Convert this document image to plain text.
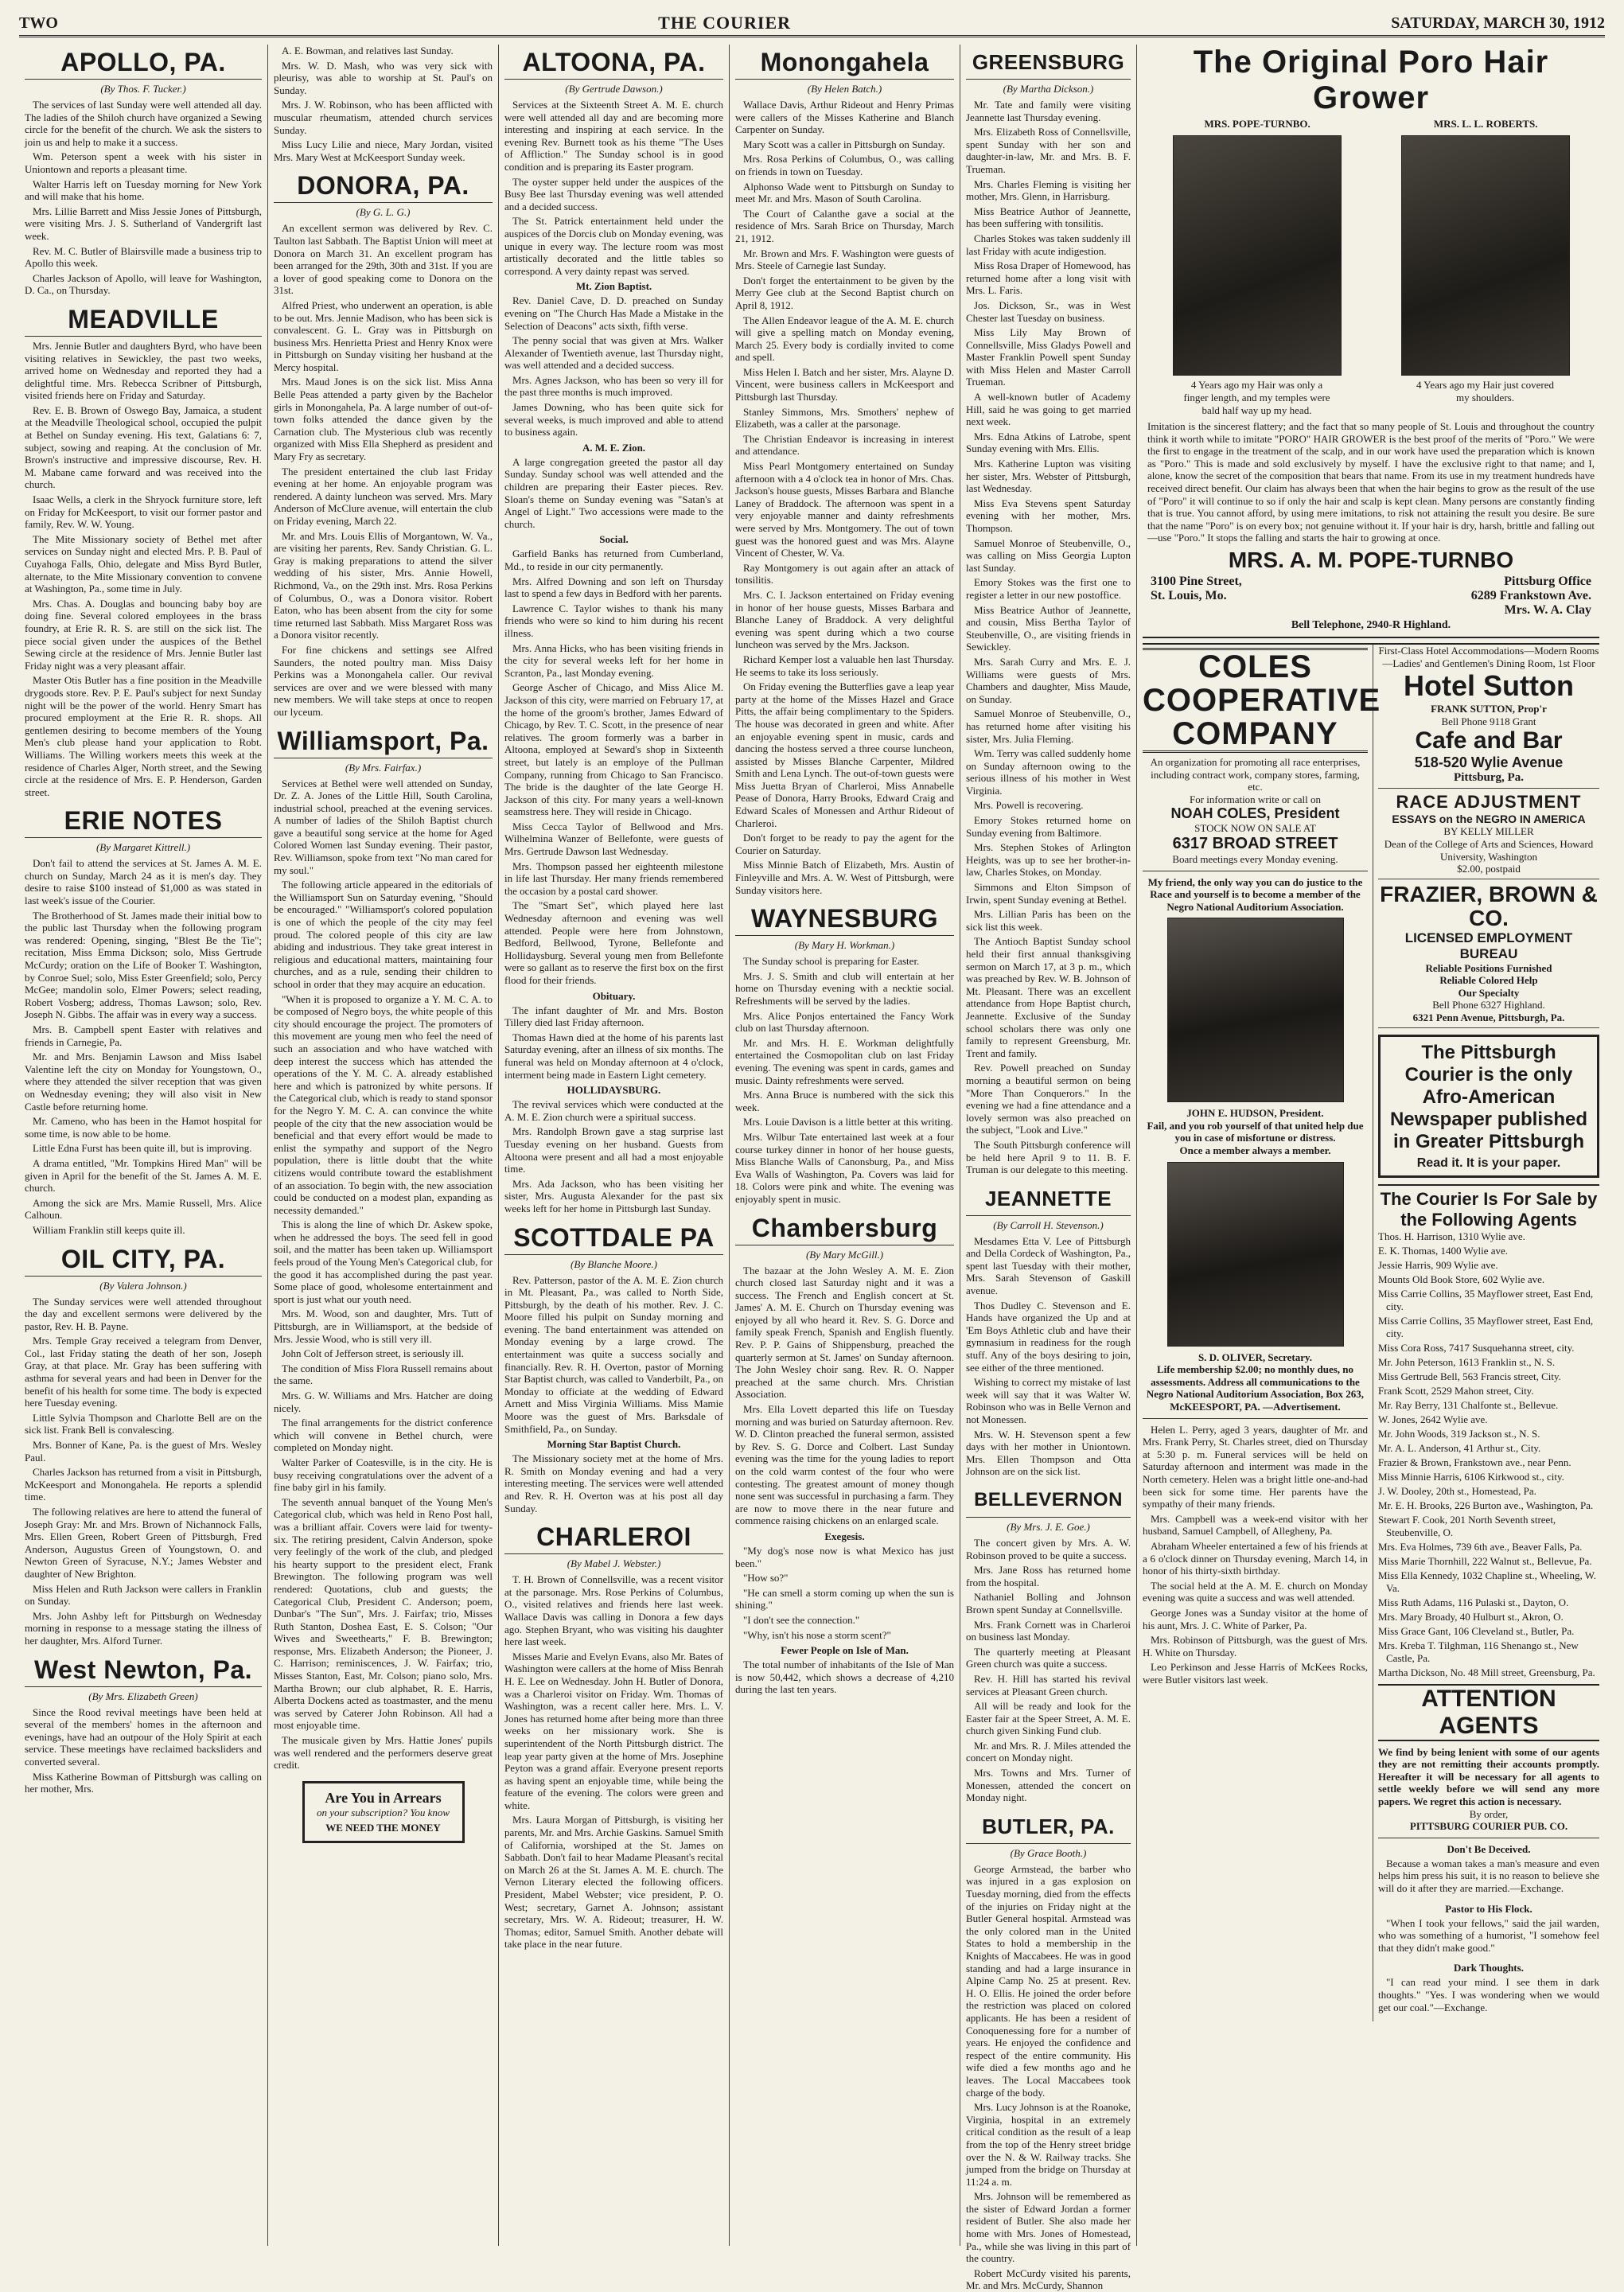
TWO	THE COURIER	SATURDAY, MARCH 30, 1912
APOLLO, PA.
(By Thos. F. Tucker.)

The services of last Sunday were well attended all day. The ladies of the Shiloh church have organized a Sewing circle for the benefit of the church. We ask the sisters to join us and help to make it a success.

Wm. Peterson spent a week with his sister in Uniontown and reports a pleasant time.

Walter Harris left on Tuesday morning for New York and will make that his home.

Mrs. Lillie Barrett and Miss Jessie Jones of Pittsburgh, were visiting Mrs. J. S. Sutherland of Vandergrift last week.

Rev. M. C. Butler of Blairsville made a business trip to Apollo this week.

Charles Jackson of Apollo, will leave for Washington, D. Ca., on Thursday.

MEADVILLE

Mrs. Jennie Butler and daughters Byrd, who have been visiting relatives in Sewickley, the past two weeks, arrived home on Wednesday and reported they had a delightful time. Mrs. Rebecca Scribner of Pittsburgh, visited friends here on Friday and Saturday.

Rev. E. B. Brown of Oswego Bay, Jamaica, a student at the Meadville Theological school, occupied the pulpit at Bethel on Sunday evening. His text, Galatians 6: 7, subject, sowing and reaping. At the conclusion of Mr. Brown's instructive and impressive discourse, Rev. H. M. Mabane came forward and was received into the church.

Isaac Wells, a clerk in the Shryock furniture store, left on Friday for McKeesport, to visit our former pastor and family, Rev. W. W. Young.

The Mite Missionary society of Bethel met after services on Sunday night and elected Mrs. P. B. Paul of Cuyahoga Falls, Ohio, delegate and Miss Byrd Butler, alternate, to the Mite Missionary convention to convene at Washington, Pa., some time in July.

Mrs. Chas. A. Douglas and bouncing baby boy are doing fine. Several colored employees in the brass foundry, at Erie R. R. S. are still on the sick list. The piece social given under the auspices of the Bethel Sewing circle at the residence of Mrs. Jennie Butler last Friday night was a very pleasant affair.

Master Otis Butler has a fine position in the Meadville drygoods store. Rev. P. E. Paul's subject for next Sunday night will be the power of the world. Henry Smart has procured employment at the Erie R. R. shops. All gentlemen desiring to become members of the Young Men's club please hand your application to Robt. Williams. The Willing workers meets this week at the residence of Charles Alger, North street, and the Sewing circle at the residence of Mrs. E. P. Henderson, Garden street.

ERIE NOTES
(By Margaret Kittrell.)

Don't fail to attend the services at St. James A. M. E. church on Sunday, March 24 as it is men's day. They desire to raise $100 instead of $1,000 as was stated in last week's issue of the Courier.

The Brotherhood of St. James made their initial bow to the public last Thursday when the following program was rendered: Opening, singing, "Blest Be the Tie"; recitation, Miss Emma Dickson; solo, Miss Gertrude McCurdy; oration on the Life of Booker T. Washington, by Conroe Suel; solo, Miss Ester Greenfield; solo, Percy McGee; mandolin solo, Elmer Powers; select reading, Robert Vosberg; address, Thomas Lawson; solo, Rev. Joseph N. Gibbs. The affair was in every way a success.

Mrs. B. Campbell spent Easter with relatives and friends in Carnegie, Pa.

Mr. and Mrs. Benjamin Lawson and Miss Isabel Valentine left the city on Monday for Youngstown, O., where they attended the silver reception that was given on Wednesday evening; they will also visit in New Castle before returning home.

Mr. Cameno, who has been in the Hamot hospital for some time, is now able to be home.

Little Edna Furst has been quite ill, but is improving.

A drama entitled, "Mr. Tompkins Hired Man" will be given in April for the benefit of the St. James A. M. E. church.

Among the sick are Mrs. Mamie Russell, Mrs. Alice Calhoun.

William Franklin still keeps quite ill.

OIL CITY, PA.
(By Valera Johnson.)

The Sunday services were well attended throughout the day and excellent sermons were delivered by the pastor, Rev. H. B. Payne.

Mrs. Temple Gray received a telegram from Denver, Col., last Friday stating the death of her son, Joseph Gray, at that place. Mr. Gray has been suffering with asthma for several years and had been in Denver for the benefit of his health for some time. The body is expected here Tuesday evening.

Little Sylvia Thompson and Charlotte Bell are on the sick list. Frank Bell is convalescing.

Mrs. Bonner of Kane, Pa. is the guest of Mrs. Wesley Paul.

Charles Jackson has returned from a visit in Pittsburgh, McKeesport and Monongahela. He reports a splendid time.

The following relatives are here to attend the funeral of Joseph Gray: Mr. and Mrs. Brown of Nichannock Falls, Mrs. Ellen Green, Robert Green of Pittsburgh, Fred Anderson, Augustus Green of Youngstown, O. and Newton Green of Syracuse, N.Y.; James Webster and daughter of New Brighton.

Miss Helen and Ruth Jackson were callers in Franklin on Sunday.

Mrs. John Ashby left for Pittsburgh on Wednesday morning in response to a message stating the illness of her daughter, Mrs. Alford Turner.

West Newton, Pa.
(By Mrs. Elizabeth Green)

Since the Rood revival meetings have been held at several of the members' homes in the afternoon and evenings, have had an outpour of the Holy Spirit at each service. These meetings have reclaimed backsliders and converted several.

Miss Katherine Bowman of Pittsburgh was calling on her mother, Mrs.

A. E. Bowman, and relatives last Sunday.

Mrs. W. D. Mash, who was very sick with pleurisy, was able to worship at St. Paul's on Sunday.

Mrs. J. W. Robinson, who has been afflicted with muscular rheumatism, attended church services Sunday.

Miss Lucy Lilie and niece, Mary Jordan, visited Mrs. Mary West at McKeesport Sunday week.

DONORA, PA.
(By G. L. G.)

An excellent sermon was delivered by Rev. C. Taulton last Sabbath. The Baptist Union will meet at Donora on March 31. An excellent program has been arranged for the 29th, 30th and 31st. If you are a lover of good speaking come to Donora on the 31st.

Alfred Priest, who underwent an operation, is able to be out. Mrs. Jennie Madison, who has been sick is convalescent. G. L. Gray was in Pittsburgh on business Mrs. Henrietta Priest and Henry Knox were in Pittsburgh on Sunday visiting her husband at the Mercy hospital.

Mrs. Maud Jones is on the sick list. Miss Anna Belle Peas attended a party given by the Bachelor girls in Monongahela, Pa. A large number of out-of-town folks attended the dance given by the Carnation club. The Mysterious club was recently organized with Miss Ella Shepherd as president and Mary Fry as secretary.

The president entertained the club last Friday evening at her home. An enjoyable program was rendered. A dainty luncheon was served. Mrs. Mary Anderson of McClure avenue, will entertain the club on Friday evening, March 22.

Mr. and Mrs. Louis Ellis of Morgantown, W. Va., are visiting her parents, Rev. Sandy Christian. G. L. Gray is making preparations to attend the silver wedding of his sister, Mrs. Annie Howell, Richmond, Va., on the 29th inst. Mrs. Rosa Perkins of Columbus, O., was a Donora visitor. Robert Eaton, who has been absent from the city for some time returned last Sabbath. Miss Margaret Ross was a Donora visitor recently.

For fine chickens and settings see Alfred Saunders, the noted poultry man. Miss Daisy Perkins was a Monongahela caller. Our revival services are over and we were blessed with many new members. We will take steps at once to reopen our lyceum.

Williamsport, Pa.
(By Mrs. Fairfax.)

Services at Bethel were well attended on Sunday, Dr. Z. A. Jones of the Little Hill, South Carolina, industrial school, preached at the evening services. A number of ladies of the Shiloh Baptist church gave a beautiful song service at the home for Aged Colored Women last Sunday evening. Their pastor, Rev. Williamson, spoke from text "No man cared for my soul."

The following article appeared in the editorials of the Williamsport Sun on Saturday evening, "Should be encouraged." "Williamsport's colored population is one of which the people of the city may feel proud. The colored people of this city are law abiding and industrious. They take great interest in religious and educational matters, maintaining four churches, and as a rule, sending their children to school in order that they may acquire an education.

"When it is proposed to organize a Y. M. C. A. to be composed of Negro boys, the white people of this city should encourage the project. The promoters of this movement are young men who feel the need of such an association and who have watched with deep interest the success which has attended the operations of the Y. M. C. A. already established here and which is patronized by white persons. If the Categorical club, which is ready to stand sponsor for the Negro Y. M. C. A. can convince the white people of the city that the new association would be beneficial and that every effort would be made to enlist the sympathy and support of the Negro population, there is little doubt that the white citizens would contribute toward the establishment of an association. To begin with, the new association could be conducted on a modest plan, expanding as necessity demanded."

This is along the line of which Dr. Askew spoke, when he addressed the boys. The seed fell in good soil, and the matter has been taken up. Williamsport feels proud of the Young Men's Categorical club, for the good it has accomplished during the past year. Some place of good, wholesome entertainment and sport is just what our youth need.

Mrs. M. Wood, son and daughter, Mrs. Tutt of Pittsburgh, are in Williamsport, at the bedside of Mrs. Jessie Wood, who is still very ill.

John Colt of Jefferson street, is seriously ill.

The condition of Miss Flora Russell remains about the same.

Mrs. G. W. Williams and Mrs. Hatcher are doing nicely.

The final arrangements for the district conference which will convene in Bethel church, were completed on Monday night.

Walter Parker of Coatesville, is in the city. He is busy receiving congratulations over the advent of a fine baby girl in his family.

The seventh annual banquet of the Young Men's Categorical club, which was held in Reno Post hall, was a brilliant affair. Covers were laid for twenty-six. The retiring president, Calvin Anderson, spoke very feelingly of the work of the club, and pledged his hearty support to the president elect, Frank Brewington. The following program was well rendered: Quotations, club and guests; the Categorical Club, President C. Anderson; poem, Dunbar's "The Sun", Mrs. J. Fairfax; trio, Misses Ruth Stanton, Doshea East, E. S. Colson; "Our Wives and Sweethearts," F. B. Brewington; response, Mrs. Elizabeth Anderson; the Pioneer, J. C. Harrison; reminiscences, J. W. Fairfax; trio, Misses Stanton, East, Mr. Colson; piano solo, Mrs. Martha Brown; our club alphabet, R. E. Harris, Alberta Dockens acted as toastmaster, and the menu was served by Caterer John Robinson. All had a most enjoyable time.

The musicale given by Mrs. Hattie Jones' pupils was well rendered and the performers deserve great credit.

Are You in Arrears
on your subscription? You know
WE NEED THE MONEY
ALTOONA, PA.
(By Gertrude Dawson.)

Services at the Sixteenth Street A. M. E. church were well attended all day and are becoming more interesting and inspiring at each service. In the evening Rev. Burnett took as his theme "The Uses of Affliction." The Sunday school is in good condition and is preparing its Easter program.

The oyster supper held under the auspices of the Busy Bee last Thursday evening was well attended and a decided success.

The St. Patrick entertainment held under the auspices of the Dorcis club on Monday evening, was unique in every way. The lecture room was most artistically decorated and the little tables so correspond. A very dainty repast was served.

Mt. Zion Baptist.

Rev. Daniel Cave, D. D. preached on Sunday evening on "The Church Has Made a Mistake in the Selection of Deacons" acts sixth, fifth verse.

The penny social that was given at Mrs. Walker Alexander of Twentieth avenue, last Thursday night, was well attended and a decided success.

Mrs. Agnes Jackson, who has been so very ill for the past three months is much improved.

James Downing, who has been quite sick for several weeks, is much improved and able to attend to business again.

A. M. E. Zion.

A large congregation greeted the pastor all day Sunday. Sunday school was well attended and the children are preparing their Easter pieces. Rev. Sloan's theme on Sunday evening was "Satan's at Angel of Light." Two accessions were made to the church.

Social.

Garfield Banks has returned from Cumberland, Md., to reside in our city permanently.

Mrs. Alfred Downing and son left on Thursday last to spend a few days in Bedford with her parents.

Lawrence C. Taylor wishes to thank his many friends who were so kind to him during his recent illness.

Mrs. Anna Hicks, who has been visiting friends in the city for several weeks left for her home in Scranton, Pa., last Monday evening.

George Ascher of Chicago, and Miss Alice M. Jackson of this city, were married on February 17, at the home of the groom's brother, James Edward of Chicago, by Rev. T. C. Scott, in the presence of near relatives. The groom formerly was a barber in Altoona, employed at Seward's shop in Sixteenth street, but lately is an employe of the Pullman Company, running from Chicago to San Francisco. The bride is the daughter of the late George H. Jackson of this city. For many years a well-known seamstress here. They will reside in Chicago.

Miss Cecca Taylor of Bellwood and Mrs. Wilhelmina Wanzer of Bellefonte, were guests of Mrs. Gertrude Dawson last Wednesday.

Mrs. Thompson passed her eighteenth milestone in life last Thursday. Her many friends remembered the occasion by a postal card shower.

The "Smart Set", which played here last Wednesday afternoon and evening was well attended. People were here from Johnstown, Bedford, Bellwood, Tyrone, Bellefonte and Hollidaysburg. Several young men from Bellefonte were so gallant as to reserve the first box on the first flood for their friends.

Obituary.

The infant daughter of Mr. and Mrs. Boston Tillery died last Friday afternoon.

Thomas Hawn died at the home of his parents last Saturday evening, after an illness of six months. The funeral was held on Monday afternoon at 4 o'clock, interment being made in Eastern Light cemetery.

HOLLIDAYSBURG.

The revival services which were conducted at the A. M. E. Zion church were a spiritual success.

Mrs. Randolph Brown gave a stag surprise last Tuesday evening on her husband. Guests from Altoona were present and all had a most enjoyable time.

Mrs. Ada Jackson, who has been visiting her sister, Mrs. Augusta Alexander for the past six weeks left for her home in Pittsburgh last Sunday.

SCOTTDALE PA
(By Blanche Moore.)

Rev. Patterson, pastor of the A. M. E. Zion church in Mt. Pleasant, Pa., was called to North Side, Pittsburgh, by the death of his mother. Rev. J. C. Moore filled his pulpit on Sunday morning and evening. The band entertainment was attended on Monday evening by a large crowd. The entertainment was quite a success socially and financially. Rev. R. H. Overton, pastor of Morning Star Baptist church, was called to Vanderbilt, Pa., on Monday to officiate at the wedding of Edward Arnett and Miss Virginia Williams. Miss Mamie Moore was the guest of Mrs. Barksdale of Smithfield, Pa., on Sunday.

Morning Star Baptist Church.

The Missionary society met at the home of Mrs. R. Smith on Monday evening and had a very interesting meeting. The services were well attended and Rev. R. H. Overton was at his post all day Sunday.

CHARLEROI
(By Mabel J. Webster.)

T. H. Brown of Connellsville, was a recent visitor at the parsonage. Mrs. Rose Perkins of Columbus, O., visited relatives and friends here last week. Wallace Davis was calling in Donora a few days ago. Stephen Bryant, who was visiting his daughter here last week.

Misses Marie and Evelyn Evans, also Mr. Bates of Washington were callers at the home of Miss Benrah H. E. Lee on Wednesday. John H. Butler of Donora, was a Charleroi visitor on Friday. Wm. Thomas of Washington, was a recent caller here. Mrs. L. V. Jones has returned home after being more than three weeks on her missionary work. She is superintendent of the North Pittsburgh district. The leap year party given at the home of Mrs. Josephine Peyton was a grand affair. Everyone present reports as having spent an enjoyable time, while being the feature of the evening. The colors were green and white.

Mrs. Laura Morgan of Pittsburgh, is visiting her parents, Mr. and Mrs. Archie Gaskins. Samuel Smith of California, worshiped at the St. James on Sabbath. Don't fail to hear Madame Pleasant's recital on March 26 at the St. James A. M. E. church. The Vernon Literary elected the following officers. President, Mabel Webster; vice president, P. O. West; secretary, Garnet A. Johnson; assistant secretary, Mrs. W. A. Rideout; treasurer, H. W. Thomas; editor, Samuel Smith. Another debate will take place in the near future.

Monongahela
(By Helen Batch.)

Wallace Davis, Arthur Rideout and Henry Primas were callers of the Misses Katherine and Blanch Carpenter on Sunday.

Mary Scott was a caller in Pittsburgh on Sunday.

Mrs. Rosa Perkins of Columbus, O., was calling on friends in town on Tuesday.

Alphonso Wade went to Pittsburgh on Sunday to meet Mr. and Mrs. Mason of South Carolina.

The Court of Calanthe gave a social at the residence of Mrs. Sarah Brice on Thursday, March 21, 1912.

Mr. Brown and Mrs. F. Washington were guests of Mrs. Steele of Carnegie last Sunday.

Don't forget the entertainment to be given by the Merry Gee club at the Second Baptist church on April 8, 1912.

The Allen Endeavor league of the A. M. E. church will give a spelling match on Monday evening, March 25. Every body is cordially invited to come and spell.

Miss Helen I. Batch and her sister, Mrs. Alayne D. Vincent, were business callers in McKeesport and Pittsburgh last Thursday.

Stanley Simmons, Mrs. Smothers' nephew of Elizabeth, was a caller at the parsonage.

The Christian Endeavor is increasing in interest and attendance.

Miss Pearl Montgomery entertained on Sunday afternoon with a 4 o'clock tea in honor of Mrs. Chas. Jackson's house guests, Misses Barbara and Blanche Laney of Braddock. The afternoon was spent in a very enjoyable manner and dainty refreshments were served by Mrs. Montgomery. The out of town guest was the honored guest and was Mrs. Alayne Vincent of Chester, W. Va.

Ray Montgomery is out again after an attack of tonsilitis.

Mrs. C. I. Jackson entertained on Friday evening in honor of her house guests, Misses Barbara and Blanche Laney of Braddock. A very delightful evening was spent during which a two course luncheon was served by the Mrs. Jackson.

Richard Kemper lost a valuable hen last Thursday. He seems to take its loss seriously.

On Friday evening the Butterflies gave a leap year party at the home of the Misses Hazel and Grace Pitts, the affair being complimentary to the Spiders. The house was decorated in green and white. After an enjoyable evening spent in music, cards and dancing the hostess served a three course luncheon, assisted by Misses Blanche Carpenter, Mildred Smith and Lena Lynch. The out-of-town guests were Miss Juetta Bryan of Charleroi, Miss Annabelle Pease of Donora, Harry Brooks, Edward Craig and Edward Scales of Monessen and Arthur Rideout of Charleroi.

Don't forget to be ready to pay the agent for the Courier on Saturday.

Miss Minnie Batch of Elizabeth, Mrs. Austin of Finleyville and Mrs. A. W. West of Pittsburgh, were Sunday visitors here.

WAYNESBURG
(By Mary H. Workman.)

The Sunday school is preparing for Easter.

Mrs. J. S. Smith and club will entertain at her home on Thursday evening with a necktie social. Refreshments will be served by the ladies.

Mrs. Alice Ponjos entertained the Fancy Work club on last Thursday afternoon.

Mr. and Mrs. H. E. Workman delightfully entertained the Cosmopolitan club on last Friday evening. The evening was spent in cards, games and music. Dainty refreshments were served.

Mrs. Anna Bruce is numbered with the sick this week.

Mrs. Louie Davison is a little better at this writing.

Mrs. Wilbur Tate entertained last week at a four course turkey dinner in honor of her house guests, Miss Blanche Walls of Canonsburg, Pa., and Miss Eva Walls of Washington, Pa. Covers was laid for 18. Colors were pink and white. The evening was enjoyably spent in music.

Chambersburg
(By Mary McGill.)

The bazaar at the John Wesley A. M. E. Zion church closed last Saturday night and it was a success. The French and English concert at St. James' A. M. E. Church on Thursday evening was enjoyed by all who heard it. Rev. S. G. Dorce and family speak French, Spanish and English fluently. Rev. P. P. Gains of Shippensburg, preached the quarterly sermon at St. James' on Sunday afternoon. The John Wesley choir sang. Rev. R. O. Napper preached at the same church. Mrs. Christian Association.

Mrs. Ella Lovett departed this life on Tuesday morning and was buried on Saturday afternoon. Rev. W. D. Clinton preached the funeral sermon, assisted by Rev. S. G. Dorce and Colbert. Last Sunday evening was the time for the young ladies to report on the cold warm contest of the four who were contesting. The greatest amount of money though none sent was successful in purchasing a farm. They are now to move there in the near future and commence raising chickens on an enlarged scale.

Exegesis.

"My dog's nose now is what Mexico has just been."

"How so?"

"He can smell a storm coming up when the sun is shining."

"I don't see the connection."

"Why, isn't his nose a storm scent?"

Fewer People on Isle of Man.

The total number of inhabitants of the Isle of Man is now 50,442, which shows a decrease of 4,210 during the last ten years.

GREENSBURG
(By Martha Dickson.)

Mr. Tate and family were visiting Jeannette last Thursday evening.

Mrs. Elizabeth Ross of Connellsville, spent Sunday with her son and daughter-in-law, Mr. and Mrs. B. F. Trueman.

Mrs. Charles Fleming is visiting her mother, Mrs. Glenn, in Harrisburg.

Miss Beatrice Author of Jeannette, has been suffering with tonsilitis.

Charles Stokes was taken suddenly ill last Friday with acute indigestion.

Miss Rosa Draper of Homewood, has returned home after a long visit with Mrs. L. Faris.

Jos. Dickson, Sr., was in West Chester last Tuesday on business.

Miss Lily May Brown of Connellsville, Miss Gladys Powell and Master Franklin Powell spent Sunday with Miss Helen and Master Carroll Trueman.

A well-known butler of Academy Hill, said he was going to get married next week.

Mrs. Edna Atkins of Latrobe, spent Sunday evening with Mrs. Ellis.

Mrs. Katherine Lupton was visiting her sister, Mrs. Webster of Pittsburgh, last Wednesday.

Miss Eva Stevens spent Saturday evening with her mother, Mrs. Thompson.

Samuel Monroe of Steubenville, O., was calling on Miss Georgia Lupton last Sunday.

Emory Stokes was the first one to register a letter in our new postoffice.

Miss Beatrice Author of Jeannette, and cousin, Miss Bertha Taylor of Steubenville, O., are visiting friends in Sewickley.

Mrs. Sarah Curry and Mrs. E. J. Williams were guests of Mrs. Chambers and daughter, Miss Maude, on Sunday.

Samuel Monroe of Steubenville, O., has returned home after visiting his sister, Mrs. Julia Fleming.

Wm. Terry was called suddenly home on Sunday afternoon owing to the serious illness of his mother in West Virginia.

Mrs. Powell is recovering.

Emory Stokes returned home on Sunday evening from Baltimore.

Mrs. Stephen Stokes of Arlington Heights, was up to see her brother-in-law, Charles Stokes, on Monday.

Simmons and Elton Simpson of Irwin, spent Sunday evening at Bethel.

Mrs. Lillian Paris has been on the sick list this week.

The Antioch Baptist Sunday school held their first annual thanksgiving sermon on March 17, at 3 p. m., which was preached by Rev. W. B. Johnson of Mt. Pleasant. There was an excellent attendance from Hope Baptist church, Jeannette. Exclusive of the Sunday school scholars there was only one family to represent Greensburg, Mr. Trent and family.

Rev. Powell preached on Sunday morning a beautiful sermon on being "More Than Conquerors." In the evening we had a fine attendance and a lovely sermon was also preached on the subject, "Look and Live."

The South Pittsburgh conference will be held here April 9 to 11. B. F. Truman is our delegate to this meeting.

JEANNETTE
(By Carroll H. Stevenson.)

Mesdames Etta V. Lee of Pittsburgh and Della Cordeck of Washington, Pa., spent last Tuesday with their mother, Mrs. Sarah Stevenson of Gaskill avenue.

Thos Dudley C. Stevenson and E. Hands have organized the Up and at 'Em Boys Athletic club and have their gymnasium in readiness for the rough stuff. Any of the boys desiring to join, see either of the three mentioned.

Wishing to correct my mistake of last week will say that it was Walter W. Robinson who was in Belle Vernon and not Monessen.

Mrs. W. H. Stevenson spent a few days with her mother in Uniontown. Mrs. Ellen Thompson and Otta Johnson are on the sick list.

BELLEVERNON
(By Mrs. J. E. Goe.)

The concert given by Mrs. A. W. Robinson proved to be quite a success.

Mrs. Jane Ross has returned home from the hospital.

Nathaniel Bolling and Johnson Brown spent Sunday at Connellsville.

Mrs. Frank Cornett was in Charleroi on business last Monday.

The quarterly meeting at Pleasant Green church was quite a success.

Rev. H. Hill has started his revival services at Pleasant Green church.

All will be ready and look for the Easter fair at the Speer Street, A. M. E. church given Sinking Fund club.

Mr. and Mrs. R. J. Miles attended the concert on Monday night.

Mrs. Towns and Mrs. Turner of Monessen, attended the concert on Monday night.

BUTLER, PA.
(By Grace Booth.)

George Armstead, the barber who was injured in a gas explosion on Tuesday morning, died from the effects of the injuries on Friday night at the Butler General hospital. Armstead was the only colored man in the United States to hold a membership in the Knights of Maccabees. He was in good standing and had a large insurance in Alpine Camp No. 25 at present. Rev. H. O. Ellis. He joined the order before the restriction was placed on colored applicants. He has been a resident of Conoquenessing fore for a number of years. He enjoyed the confidence and respect of the entire community. His wife died a few months ago and he leaves. The Local Maccabees took charge of the body.

Mrs. Lucy Johnson is at the Roanoke, Virginia, hospital in an extremely critical condition as the result of a leap from the top of the Henry street bridge over the N. & W. Railway tracks. She jumped from the bridge on Thursday at 11:24 a. m.

Mrs. Johnson will be remembered as the sister of Edward Jordan a former resident of Butler. She also made her home with Mrs. Jones of Homestead, Pa., while she was living in this part of the country.

Robert McCurdy visited his parents, Mr. and Mrs. McCurdy, Shannon

The Original Poro Hair Grower
MRS. POPE-TURNBO.	MRS. L. L. ROBERTS.
4 Years ago my Hair was only a finger length, and my temples were bald half way up my head.
4 Years ago my Hair just covered my shoulders.
Imitation is the sincerest flattery; and the fact that so many people of St. Louis and throughout the country think it worth while to imitate "PORO" HAIR GROWER is the best proof of the merits of "Poro." We were the first to engage in the treatment of the scalp, and in our work have used the preparation which is known as "Poro." This is made and sold exclusively by myself. I have the exclusive right to that name; and I, alone, know the secret of the composition that bears that name. From its use in my treatment hundreds have received direct benefit. Our claim has always been that when the hair begins to grow as the result of the use of "Poro" it will continue to so if only the hair and scalp is kept clean. Many persons are constantly finding that is true. You cannot afford, by using mere imitations, to risk not attaining the result you desire. Be sure that the name "Poro" is on every box; not genuine without it. If your hair is dry, harsh, brittle and falling out—use "Poro." It stops the falling and starts the hair to growing at once.
MRS. A. M. POPE-TURNBO
3100 Pine Street,
St. Louis, Mo.
Pittsburg Office
6289 Frankstown Ave.
Mrs. W. A. Clay
Bell Telephone, 2940-R Highland.
COLES COOPERATIVE COMPANY
An organization for promoting all race enterprises, including contract work, company stores, farming, etc.
For information write or call on
NOAH COLES, President
STOCK NOW ON SALE AT
6317 BROAD STREET
Board meetings every Monday evening.
My friend, the only way you can do justice to the Race and yourself is to become a member of the Negro National Auditorium Association.
JOHN E. HUDSON, President.
Fail, and you rob yourself of that united help due you in case of misfortune or distress.
Once a member always a member.
S. D. OLIVER, Secretary.
Life membership $2.00; no monthly dues, no assessments. Address all communications to the Negro National Auditorium Association, Box 263, McKEESPORT, PA. —Advertisement.

Helen L. Perry, aged 3 years, daughter of Mr. and Mrs. Frank Perry, St. Charles street, died on Thursday at 5:30 p. m. Funeral services will be held on Saturday afternoon and interment was made in the North cemetery. Helen was a bright little one-and-had been sick for some time. Her parents have the sympathy of their many friends.

Mrs. Campbell was a week-end visitor with her husband, Samuel Campbell, of Allegheny, Pa.

Abraham Wheeler entertained a few of his friends at a 6 o'clock dinner on Thursday evening, March 14, in honor of his thirty-sixth birthday.

The social held at the A. M. E. church on Monday evening was quite a success and was well attended.

George Jones was a Sunday visitor at the home of his aunt, Mrs. J. C. White of Parker, Pa.

Mrs. Robinson of Pittsburgh, was the guest of Mrs. H. White on Thursday.

Leo Perkinson and Jesse Harris of McKees Rocks, were Butler visitors last week.

First-Class Hotel Accommodations—Modern Rooms—Ladies' and Gentlemen's Dining Room, 1st Floor
Hotel Sutton
FRANK SUTTON, Prop'r
Bell Phone 9118 Grant
Cafe and Bar
518-520 Wylie Avenue
Pittsburg, Pa.
RACE ADJUSTMENT
ESSAYS on the NEGRO IN AMERICA
BY KELLY MILLER
Dean of the College of Arts and Sciences, Howard University, Washington
$2.00, postpaid
FRAZIER, BROWN & CO.
LICENSED EMPLOYMENT BUREAU
Reliable Positions Furnished
Reliable Colored Help
Our Specialty
Bell Phone 6327 Highland.
6321 Penn Avenue, Pittsburgh, Pa.
The Pittsburgh Courier is the only Afro-American Newspaper published in Greater Pittsburgh
Read it. It is your paper.
The Courier Is For Sale by the Following Agents
Thos. H. Harrison, 1310 Wylie ave.
E. K. Thomas, 1400 Wylie ave.
Jessie Harris, 909 Wylie ave.
Mounts Old Book Store, 602 Wylie ave.
Miss Carrie Collins, 35 Mayflower street, East End, city.
Miss Carrie Collins, 35 Mayflower street, East End, city.
Miss Cora Ross, 7417 Susquehanna street, city.
Mr. John Peterson, 1613 Franklin st., N. S.
Miss Gertrude Bell, 563 Francis street, City.
Frank Scott, 2529 Mahon street, City.
Mr. Ray Berry, 131 Chalfonte st., Bellevue.
W. Jones, 2642 Wylie ave.
Mr. John Woods, 319 Jackson st., N. S.
Mr. A. L. Anderson, 41 Arthur st., City.
Frazier & Brown, Frankstown ave., near Penn.
Miss Minnie Harris, 6106 Kirkwood st., city.
J. W. Dooley, 20th st., Homestead, Pa.
Mr. E. H. Brooks, 226 Burton ave., Washington, Pa.
Stewart F. Cook, 201 North Seventh street, Steubenville, O.
Mrs. Eva Holmes, 739 6th ave., Beaver Falls, Pa.
Miss Marie Thornhill, 222 Walnut st., Bellevue, Pa.
Miss Ella Kennedy, 1032 Chapline st., Wheeling, W. Va.
Miss Ruth Adams, 116 Pulaski st., Dayton, O.
Mrs. Mary Broady, 40 Hulburt st., Akron, O.
Miss Grace Gant, 106 Cleveland st., Butler, Pa.
Mrs. Kreba T. Tilghman, 116 Shenango st., New Castle, Pa.
Martha Dickson, No. 48 Mill street, Greensburg, Pa.
ATTENTION AGENTS
We find by being lenient with some of our agents they are not remitting their accounts promptly. Hereafter it will be necessary for all agents to settle weekly before we will send any more papers. We regret this action is necessary.
By order,
PITTSBURG COURIER PUB. CO.
Don't Be Deceived.

Because a woman takes a man's measure and even helps him press his suit, it is no reason to believe she will do it after they are married.—Exchange.

Pastor to His Flock.

"When I took your fellows," said the jail warden, who was something of a humorist, "I somehow feel that they didn't make good."

Dark Thoughts.

"I can read your mind. I see them in dark thoughts." "Yes. I was wondering when we would get our coal."—Exchange.
